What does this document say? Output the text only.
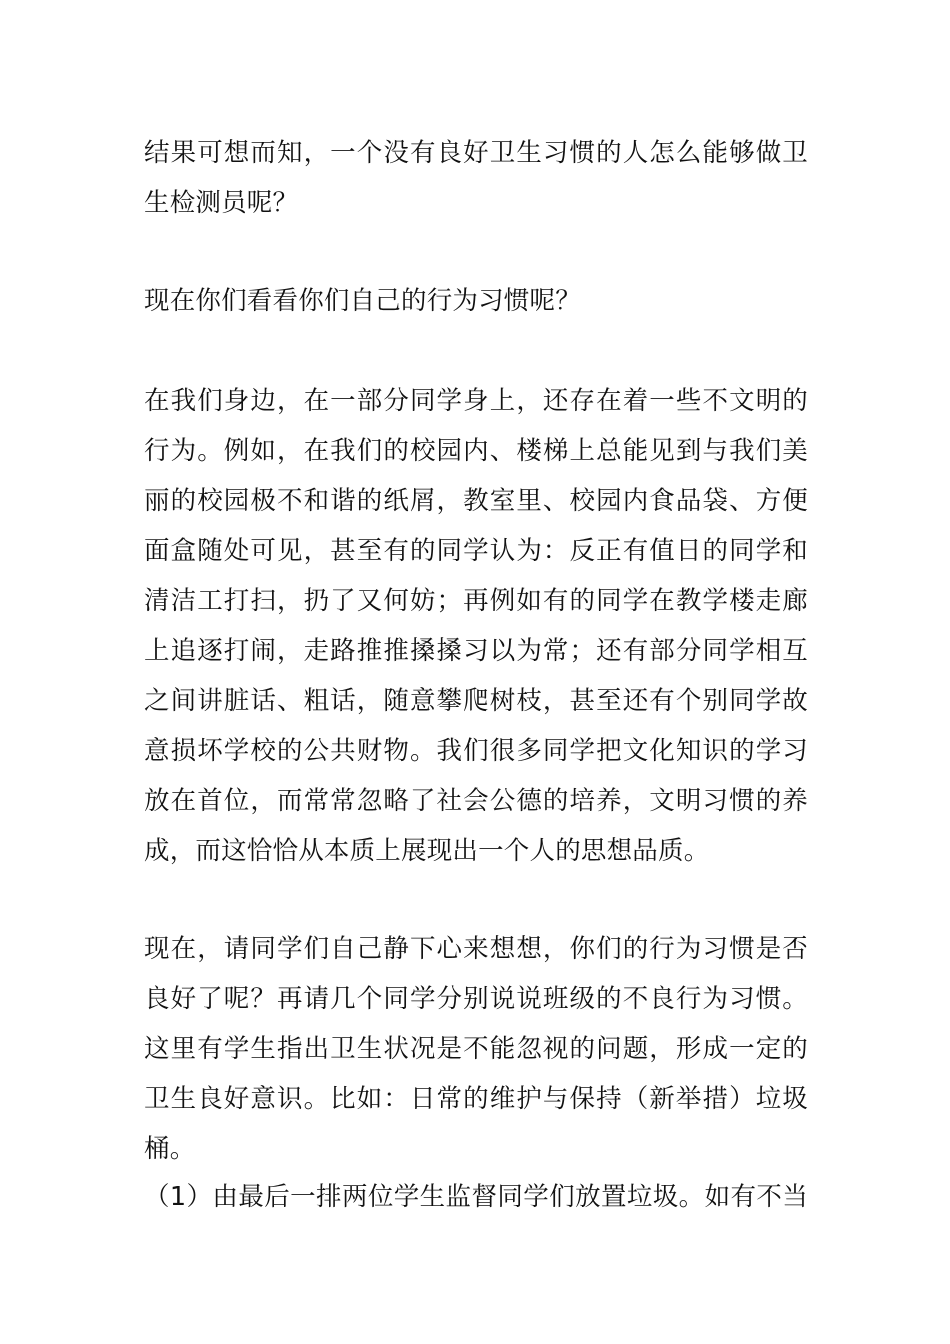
结果可想而知，一个没有良好卫生习惯的人怎么能够做卫
生检测员呢？
现在你们看看你们自己的行为习惯呢？
在我们身边，在一部分同学身上，还存在着一些不文明的
行为。例如，在我们的校园内、楼梯上总能见到与我们美
丽的校园极不和谐的纸屑，教室里、校园内食品袋、方便
面盒随处可见，甚至有的同学认为：反正有值日的同学和
清洁工打扫，扔了又何妨；再例如有的同学在教学楼走廊
上追逐打闹，走路推推搡搡习以为常；还有部分同学相互
之间讲脏话、粗话，随意攀爬树枝，甚至还有个别同学故
意损坏学校的公共财物。我们很多同学把文化知识的学习
放在首位，而常常忽略了社会公德的培养，文明习惯的养
成，而这恰恰从本质上展现出一个人的思想品质。
现在，请同学们自己静下心来想想，你们的行为习惯是否
良好了呢？再请几个同学分别说说班级的不良行为习惯。
这里有学生指出卫生状况是不能忽视的问题，形成一定的
卫生良好意识。比如：日常的维护与保持（新举措）垃圾
桶。
（1）由最后一排两位学生监督同学们放置垃圾。如有不当
